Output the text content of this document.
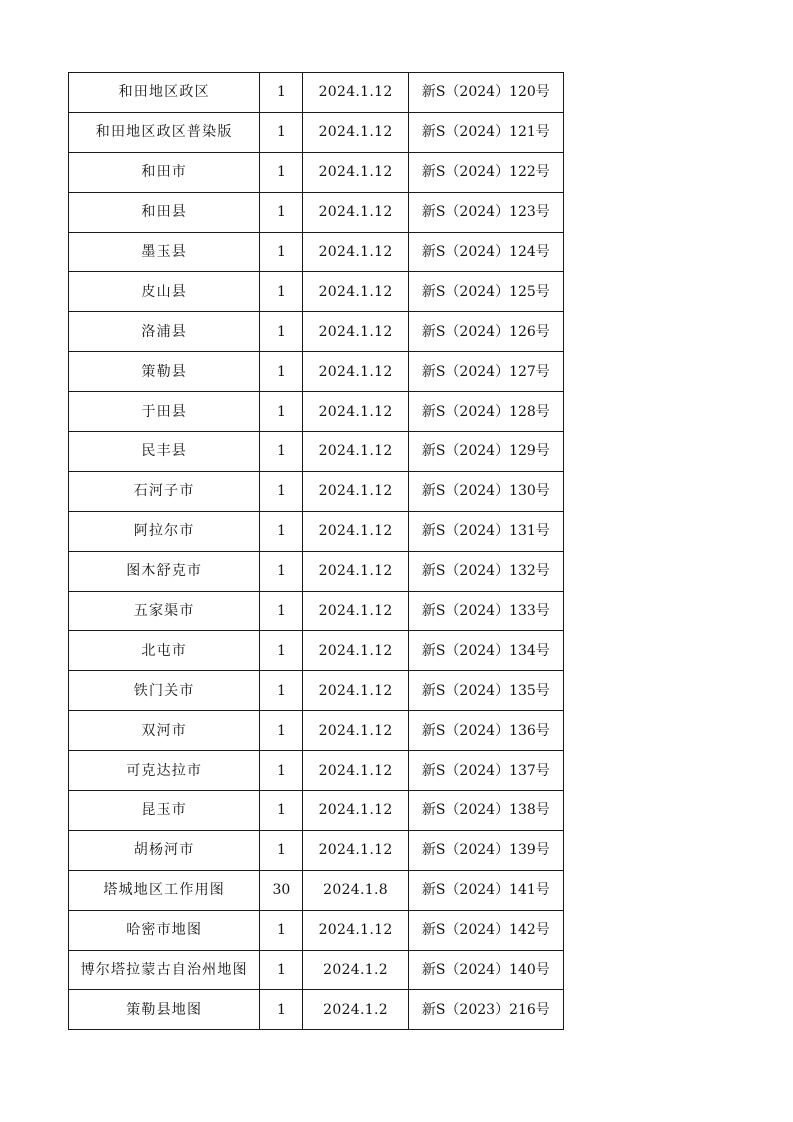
和田地区政区	1	2024.1.12	新S（2024）120号
和田地区政区普染版	1	2024.1.12	新S（2024）121号
和田市	1	2024.1.12	新S（2024）122号
和田县	1	2024.1.12	新S（2024）123号
墨玉县	1	2024.1.12	新S（2024）124号
皮山县	1	2024.1.12	新S（2024）125号
洛浦县	1	2024.1.12	新S（2024）126号
策勒县	1	2024.1.12	新S（2024）127号
于田县	1	2024.1.12	新S（2024）128号
民丰县	1	2024.1.12	新S（2024）129号
石河子市	1	2024.1.12	新S（2024）130号
阿拉尔市	1	2024.1.12	新S（2024）131号
图木舒克市	1	2024.1.12	新S（2024）132号
五家渠市	1	2024.1.12	新S（2024）133号
北屯市	1	2024.1.12	新S（2024）134号
铁门关市	1	2024.1.12	新S（2024）135号
双河市	1	2024.1.12	新S（2024）136号
可克达拉市	1	2024.1.12	新S（2024）137号
昆玉市	1	2024.1.12	新S（2024）138号
胡杨河市	1	2024.1.12	新S（2024）139号
塔城地区工作用图	30	2024.1.8	新S（2024）141号
哈密市地图	1	2024.1.12	新S（2024）142号
博尔塔拉蒙古自治州地图	1	2024.1.2	新S（2024）140号
策勒县地图	1	2024.1.2	新S（2023）216号
